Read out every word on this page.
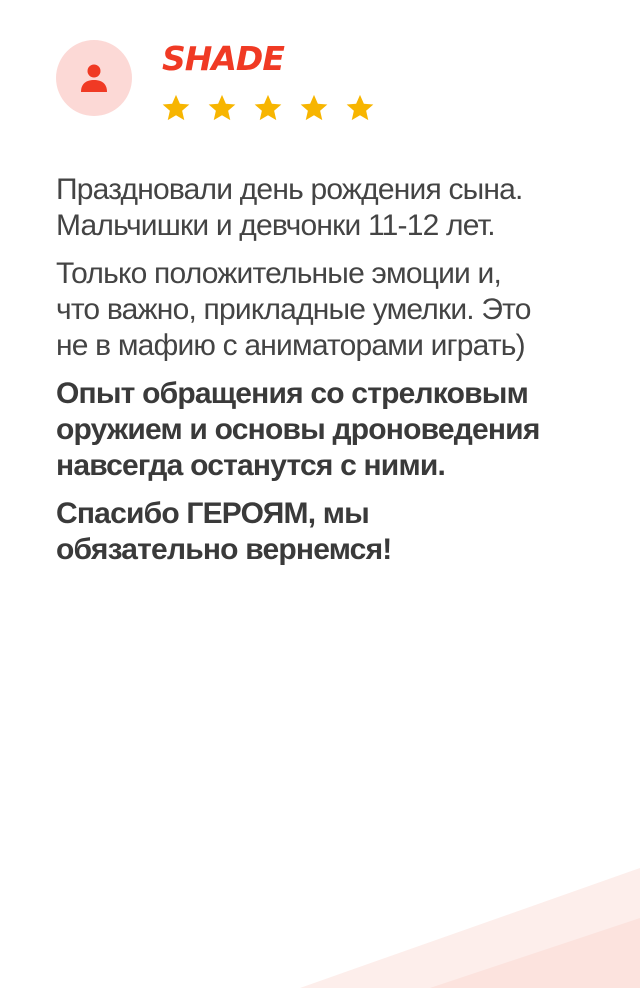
SHADE

Праздновали день рождения сына.
Мальчишки и девчонки 11-12 лет.

Только положительные эмоции и,
что важно, прикладные умелки. Это
не в мафию с аниматорами играть)

Опыт обращения со стрелковым
оружием и основы дроноведения
навсегда останутся с ними.

Спасибо ГЕРОЯМ, мы
обязательно вернемся!
